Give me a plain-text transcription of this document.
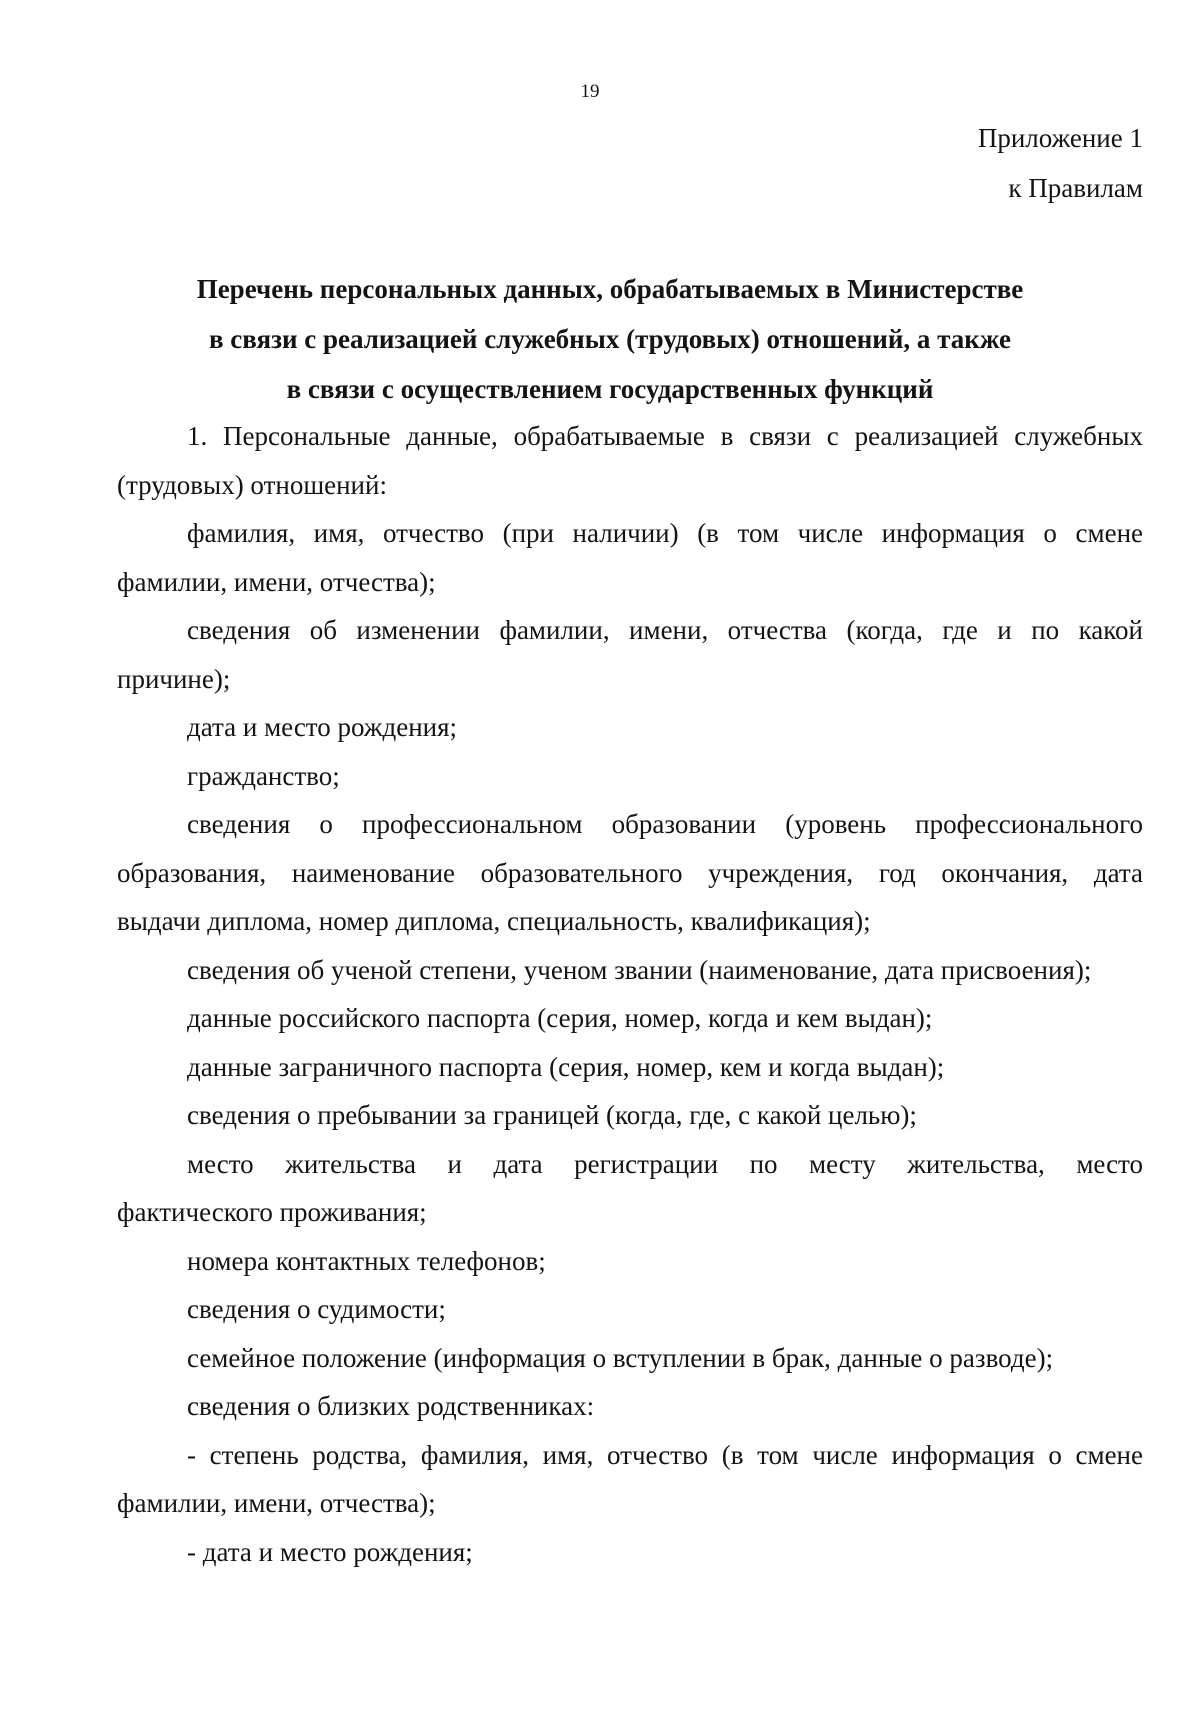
19
Приложение 1
к Правилам
Перечень персональных данных, обрабатываемых в Министерстве
в связи с реализацией служебных (трудовых) отношений, а также
в связи с осуществлением государственных функций
1. Персональные данные, обрабатываемые в связи с реализацией служебных
(трудовых) отношений:
фамилия, имя, отчество (при наличии) (в том числе информация о смене
фамилии, имени, отчества);
сведения об изменении фамилии, имени, отчества (когда, где и по какой
причине);
дата и место рождения;
гражданство;
сведения о профессиональном образовании (уровень профессионального
образования, наименование образовательного учреждения, год окончания, дата
выдачи диплома, номер диплома, специальность, квалификация);
сведения об ученой степени, ученом звании (наименование, дата присвоения);
данные российского паспорта (серия, номер, когда и кем выдан);
данные заграничного паспорта (серия, номер, кем и когда выдан);
сведения о пребывании за границей (когда, где, с какой целью);
место жительства и дата регистрации по месту жительства, место
фактического проживания;
номера контактных телефонов;
сведения о судимости;
семейное положение (информация о вступлении в брак, данные о разводе);
сведения о близких родственниках:
- степень родства, фамилия, имя, отчество (в том числе информация о смене
фамилии, имени, отчества);
- дата и место рождения;
